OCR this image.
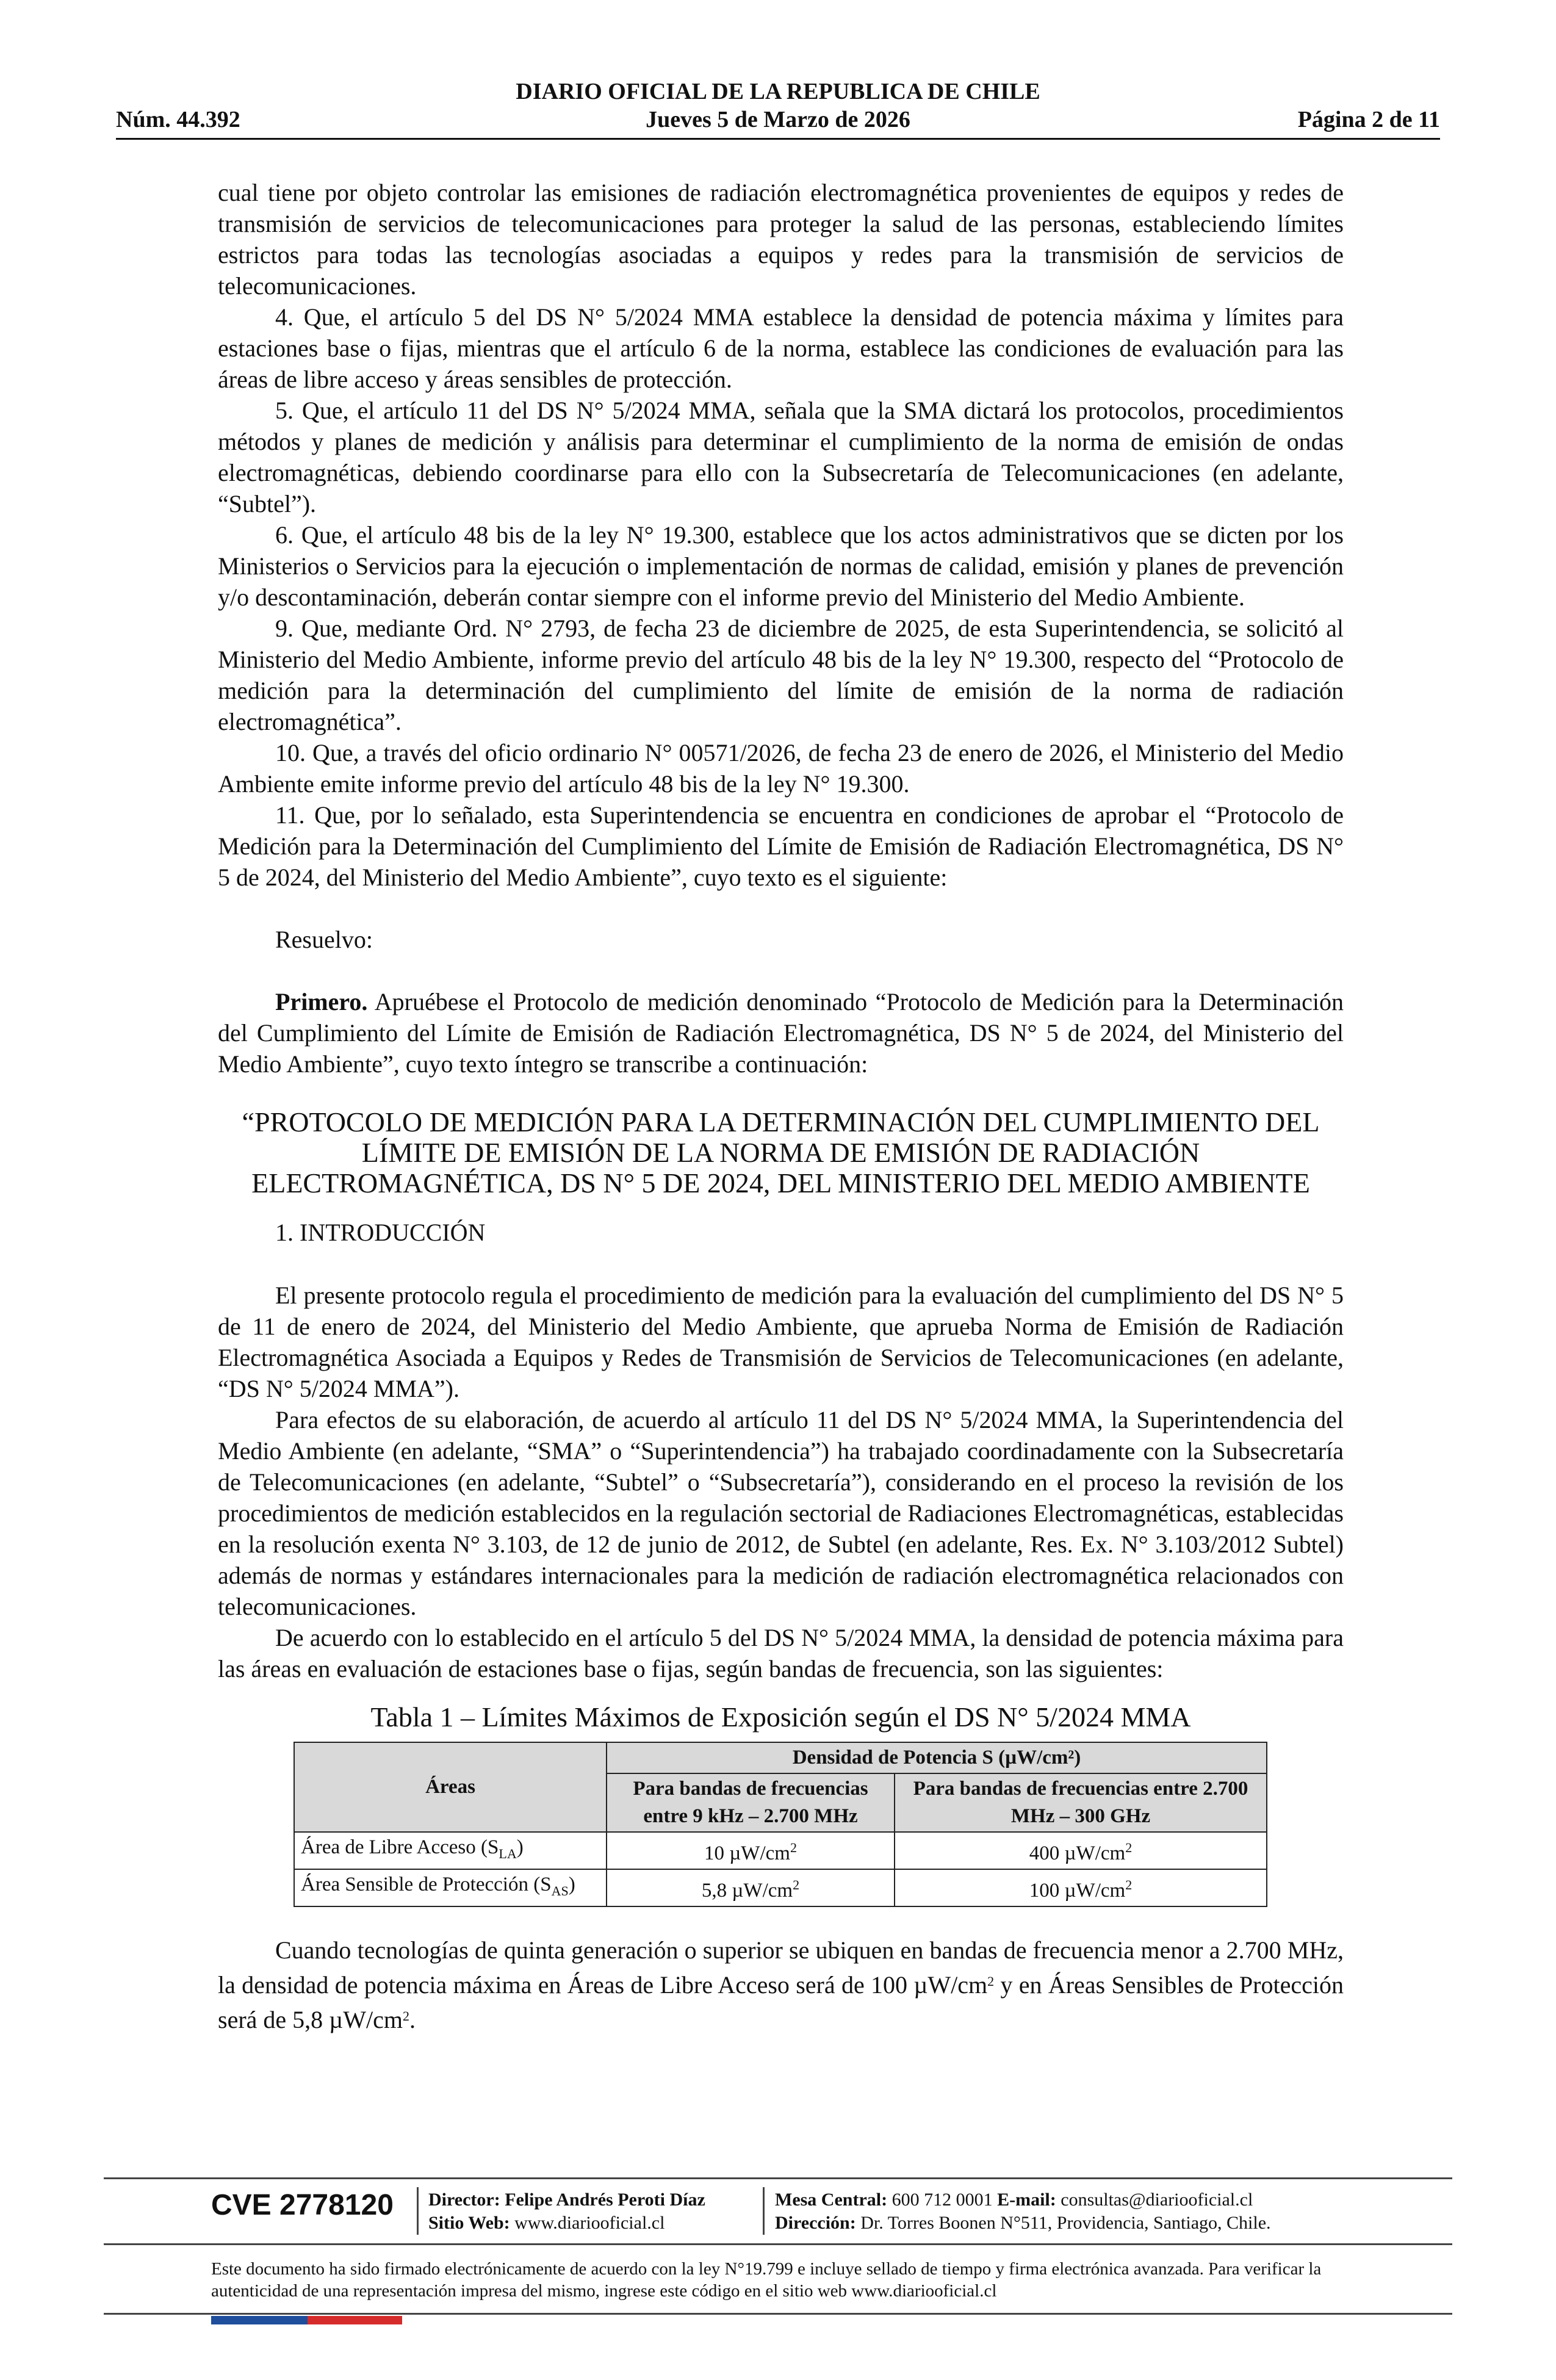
DIARIO OFICIAL DE LA REPUBLICA DE CHILE
Jueves 5 de Marzo de 2026
Núm. 44.392	Página 2 de 11

cual tiene por objeto controlar las emisiones de radiación electromagnética provenientes de equipos y redes de transmisión de servicios de telecomunicaciones para proteger la salud de las personas, estableciendo límites estrictos para todas las tecnologías asociadas a equipos y redes para la transmisión de servicios de telecomunicaciones.

4. Que, el artículo 5 del DS N° 5/2024 MMA establece la densidad de potencia máxima y límites para estaciones base o fijas, mientras que el artículo 6 de la norma, establece las condiciones de evaluación para las áreas de libre acceso y áreas sensibles de protección.

5. Que, el artículo 11 del DS N° 5/2024 MMA, señala que la SMA dictará los protocolos, procedimientos métodos y planes de medición y análisis para determinar el cumplimiento de la norma de emisión de ondas electromagnéticas, debiendo coordinarse para ello con la Subsecretaría de Telecomunicaciones (en adelante, “Subtel”).

6. Que, el artículo 48 bis de la ley N° 19.300, establece que los actos administrativos que se dicten por los Ministerios o Servicios para la ejecución o implementación de normas de calidad, emisión y planes de prevención y/o descontaminación, deberán contar siempre con el informe previo del Ministerio del Medio Ambiente.

9. Que, mediante Ord. N° 2793, de fecha 23 de diciembre de 2025, de esta Superintendencia, se solicitó al Ministerio del Medio Ambiente, informe previo del artículo 48 bis de la ley N° 19.300, respecto del “Protocolo de medición para la determinación del cumplimiento del límite de emisión de la norma de radiación electromagnética”.

10. Que, a través del oficio ordinario N° 00571/2026, de fecha 23 de enero de 2026, el Ministerio del Medio Ambiente emite informe previo del artículo 48 bis de la ley N° 19.300.

11. Que, por lo señalado, esta Superintendencia se encuentra en condiciones de aprobar el “Protocolo de Medición para la Determinación del Cumplimiento del Límite de Emisión de Radiación Electromagnética, DS N° 5 de 2024, del Ministerio del Medio Ambiente”, cuyo texto es el siguiente:

Resuelvo:

Primero. Apruébese el Protocolo de medición denominado “Protocolo de Medición para la Determinación del Cumplimiento del Límite de Emisión de Radiación Electromagnética, DS N° 5 de 2024, del Ministerio del Medio Ambiente”, cuyo texto íntegro se transcribe a continuación:

“PROTOCOLO DE MEDICIÓN PARA LA DETERMINACIÓN DEL CUMPLIMIENTO DEL LÍMITE DE EMISIÓN DE LA NORMA DE EMISIÓN DE RADIACIÓN ELECTROMAGNÉTICA, DS N° 5 DE 2024, DEL MINISTERIO DEL MEDIO AMBIENTE

1. INTRODUCCIÓN

El presente protocolo regula el procedimiento de medición para la evaluación del cumplimiento del DS N° 5 de 11 de enero de 2024, del Ministerio del Medio Ambiente, que aprueba Norma de Emisión de Radiación Electromagnética Asociada a Equipos y Redes de Transmisión de Servicios de Telecomunicaciones (en adelante, “DS N° 5/2024 MMA”).

Para efectos de su elaboración, de acuerdo al artículo 11 del DS N° 5/2024 MMA, la Superintendencia del Medio Ambiente (en adelante, “SMA” o “Superintendencia”) ha trabajado coordinadamente con la Subsecretaría de Telecomunicaciones (en adelante, “Subtel” o “Subsecretaría”), considerando en el proceso la revisión de los procedimientos de medición establecidos en la regulación sectorial de Radiaciones Electromagnéticas, establecidas en la resolución exenta N° 3.103, de 12 de junio de 2012, de Subtel (en adelante, Res. Ex. N° 3.103/2012 Subtel) además de normas y estándares internacionales para la medición de radiación electromagnética relacionados con telecomunicaciones.

De acuerdo con lo establecido en el artículo 5 del DS N° 5/2024 MMA, la densidad de potencia máxima para las áreas en evaluación de estaciones base o fijas, según bandas de frecuencia, son las siguientes:

Tabla 1 – Límites Máximos de Exposición según el DS N° 5/2024 MMA

Áreas	Densidad de Potencia S (µW/cm²)	
	Para bandas de frecuencias entre 9 kHz – 2.700 MHz	Para bandas de frecuencias entre 2.700 MHz – 300 GHz
Área de Libre Acceso $(S_{LA})$	10 $\mu W/cm^2$	400 $\mu W/cm^2$
Área Sensible de Protección $(S_{AS})$	5,8 $\mu W/cm^2$	100 $\mu W/cm^2$

Cuando tecnologías de quinta generación o superior se ubiquen en bandas de frecuencia menor a 2.700 MHz, la densidad de potencia máxima en Áreas de Libre Acceso será de 100 $\mu W/cm^2$ y en Áreas Sensibles de Protección será de 5,8 $\mu W/cm^2$.

CVE 2778120 Director: Felipe Andrés Peroti Díaz
Sitio Web: www.diariooficial.cl
Mesa Central: 600 712 0001 E-mail: consultas@diariooficial.cl
Dirección: Dr. Torres Boonen N°511, Providencia, Santiago, Chile.
Este documento ha sido firmado electrónicamente de acuerdo con la ley N°19.799 e incluye sellado de tiempo y firma electrónica avanzada. Para verificar la autenticidad de una representación impresa del mismo, ingrese este código en el sitio web www.diariooficial.cl
